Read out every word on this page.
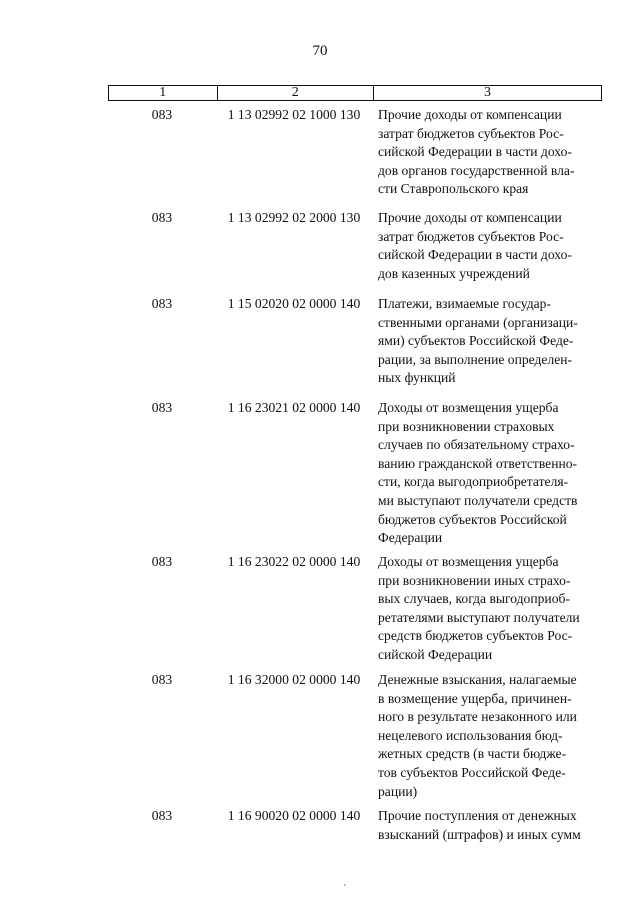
70
1	2	3
083	1 13 02992 02 1000 130	Прочие доходы от компенсации
затрат бюджетов субъектов Рос-
сийской Федерации в части дохо-
дов органов государственной вла-
сти Ставропольского края
083	1 13 02992 02 2000 130	Прочие доходы от компенсации
затрат бюджетов субъектов Рос-
сийской Федерации в части дохо-
дов казенных учреждений
083	1 15 02020 02 0000 140	Платежи, взимаемые государ-
ственными органами (организаци-
ями) субъектов Российской Феде-
рации, за выполнение определен-
ных функций
083	1 16 23021 02 0000 140	Доходы от возмещения ущерба
при возникновении страховых
случаев по обязательному страхо-
ванию гражданской ответственно-
сти, когда выгодоприобретателя-
ми выступают получатели средств
бюджетов субъектов Российской
Федерации
083	1 16 23022 02 0000 140	Доходы от возмещения ущерба
при возникновении иных страхо-
вых случаев, когда выгодоприоб-
ретателями выступают получатели
средств бюджетов субъектов Рос-
сийской Федерации
083	1 16 32000 02 0000 140	Денежные взыскания, налагаемые
в возмещение ущерба, причинен-
ного в результате незаконного или
нецелевого использования бюд-
жетных средств (в части бюдже-
тов субъектов Российской Феде-
рации)
083	1 16 90020 02 0000 140	Прочие поступления от денежных
взысканий (штрафов) и иных сумм
`
